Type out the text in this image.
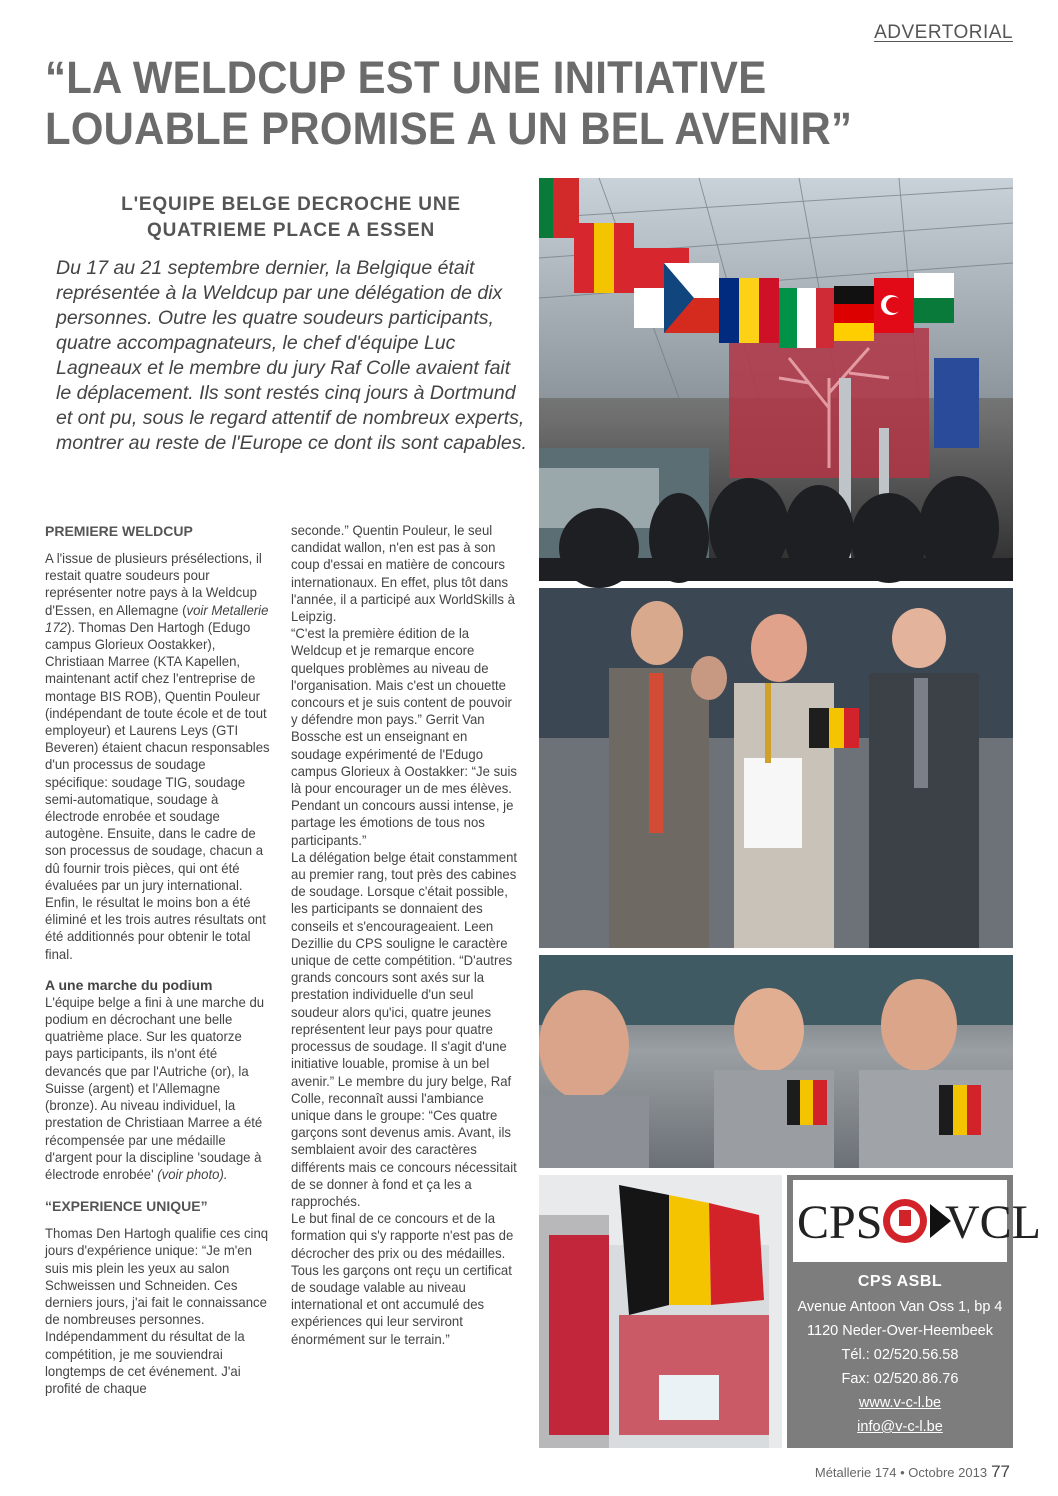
ADVERTORIAL
“LA WELDCUP EST UNE INITIATIVE
LOUABLE PROMISE A UN BEL AVENIR”
L'EQUIPE BELGE DECROCHE UNE
QUATRIEME PLACE A ESSEN
Du 17 au 21 septembre dernier, la Belgique était représentée à la Weldcup par une délégation de dix personnes. Outre les quatre soudeurs participants, quatre accompagnateurs, le chef d'équipe Luc Lagneaux et le membre du jury Raf Colle avaient fait le déplacement. Ils sont restés cinq jours à Dortmund et ont pu, sous le regard attentif de nombreux experts, montrer au reste de l'Europe ce dont ils sont capables.
PREMIERE WELDCUP

A l'issue de plusieurs présélections, il restait quatre soudeurs pour représenter notre pays à la Weldcup d'Essen, en Allemagne (voir Metallerie 172). Thomas Den Hartogh (Edugo campus Glorieux Oostakker), Christiaan Marree (KTA Kapellen, maintenant actif chez l'entreprise de montage BIS ROB), Quentin Pouleur (indépendant de toute école et de tout employeur) et Laurens Leys (GTI Beveren) étaient chacun responsables d'un processus de soudage spécifique: soudage TIG, soudage semi-automatique, soudage à électrode enrobée et soudage autogène. Ensuite, dans le cadre de son processus de soudage, chacun a dû fournir trois pièces, qui ont été évaluées par un jury international. Enfin, le résultat le moins bon a été éliminé et les trois autres résultats ont été additionnés pour obtenir le total final.

A une marche du podium

L'équipe belge a fini à une marche du podium en décrochant une belle quatrième place. Sur les quatorze pays participants, ils n'ont été devancés que par l'Autriche (or), la Suisse (argent) et l'Allemagne (bronze). Au niveau individuel, la prestation de Christiaan Marree a été récompensée par une médaille d'argent pour la discipline 'soudage à électrode enrobée' (voir photo).

“EXPERIENCE UNIQUE”

Thomas Den Hartogh qualifie ces cinq jours d'expérience unique: “Je m'en suis mis plein les yeux au salon Schweissen und Schneiden. Ces derniers jours, j'ai fait le connaissance de nombreuses personnes. Indépendamment du résultat de la compétition, je me souviendrai longtemps de cet événement. J'ai profité de chaque

seconde.” Quentin Pouleur, le seul candidat wallon, n'en est pas à son coup d'essai en matière de concours internationaux. En effet, plus tôt dans l'année, il a participé aux WorldSkills à Leipzig.

“C'est la première édition de la Weldcup et je remarque encore quelques problèmes au niveau de l'organisation. Mais c'est un chouette concours et je suis content de pouvoir y défendre mon pays.” Gerrit Van Bossche est un enseignant en soudage expérimenté de l'Edugo campus Glorieux à Oostakker: “Je suis là pour encourager un de mes élèves. Pendant un concours aussi intense, je partage les émotions de tous nos participants.”

La délégation belge était constamment au premier rang, tout près des cabines de soudage. Lorsque c'était possible, les participants se donnaient des conseils et s'encourageaient. Leen Dezillie du CPS souligne le caractère unique de cette compétition. “D'autres grands concours sont axés sur la prestation individuelle d'un seul soudeur alors qu'ici, quatre jeunes représentent leur pays pour quatre processus de soudage. Il s'agit d'une initiative louable, promise à un bel avenir.” Le membre du jury belge, Raf Colle, reconnaît aussi l'ambiance unique dans le groupe: “Ces quatre garçons sont devenus amis. Avant, ils semblaient avoir des caractères différents mais ce concours nécessitait de se donner à fond et ça les a rapprochés.

Le but final de ce concours et de la formation qui s'y rapporte n'est pas de décrocher des prix ou des médailles. Tous les garçons ont reçu un certificat de soudage valable au niveau international et ont accumulé des expériences qui leur serviront énormément sur le terrain.”

CPS VCL
CPS ASBL
Avenue Antoon Van Oss 1, bp 4
1120 Neder-Over-Heembeek
Tél.: 02/520.56.58
Fax: 02/520.86.76
www.v-c-l.be
info@v-c-l.be
Métallerie 174 • Octobre 2013 77
